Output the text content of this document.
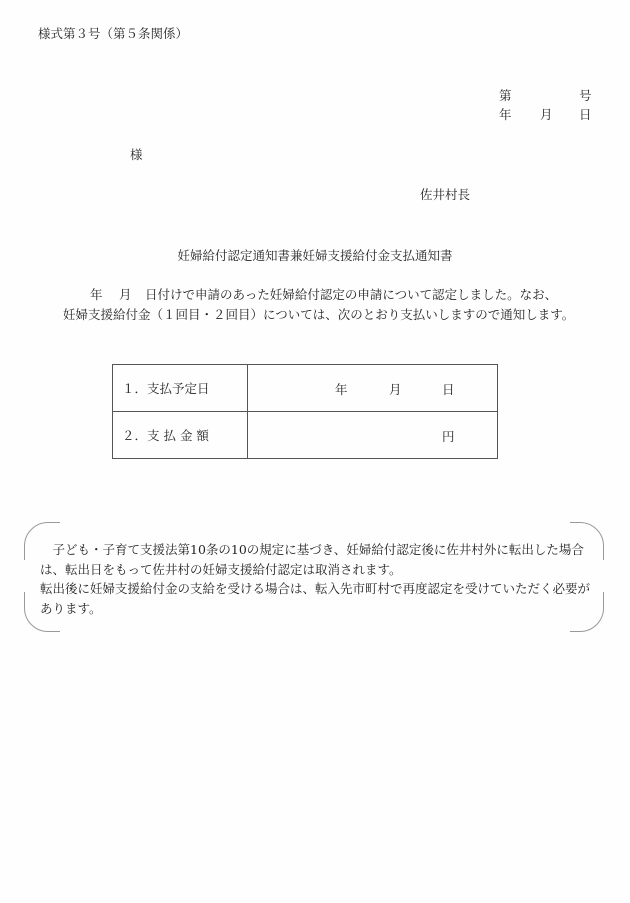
様式第３号（第５条関係）
第	号
年 月 日
様
佐井村長
妊婦給付認定通知書兼妊婦支援給付金支払通知書
年 月 日付けで申請のあった妊婦給付認定の申請について認定しました。なお、
妊婦支援給付金（１回目・２回目）については、次のとおり支払いしますので通知します。
１．支払予定日	年 月 日

２．支 払 金 額	円

　子ども・子育て支援法第10条の10の規定に基づき、妊婦給付認定後に佐井村外に転出した場合は、転出日をもって佐井村の妊婦支援給付認定は取消されます。

転出後に妊婦支援給付金の支給を受ける場合は、転入先市町村で再度認定を受けていただく必要があります。
